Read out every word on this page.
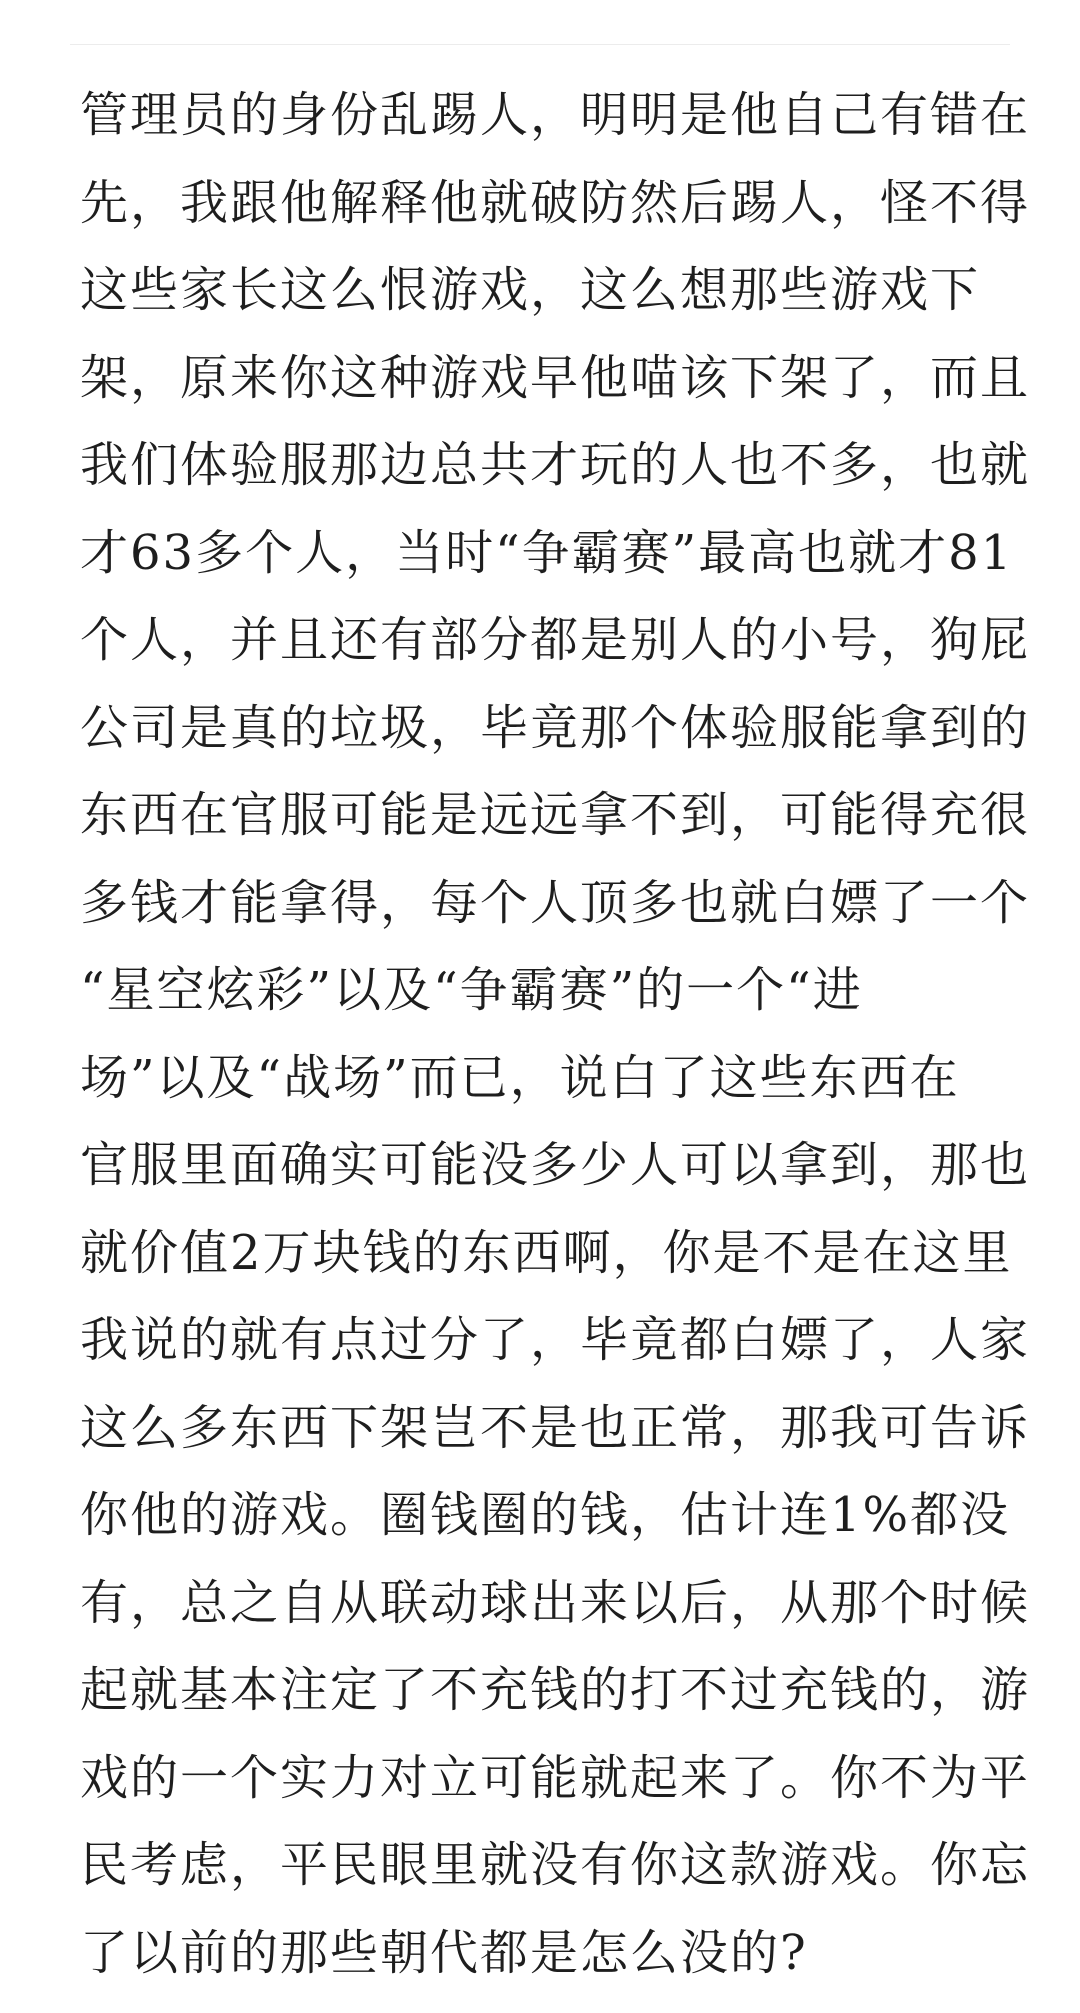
管理员的身份乱踢人，明明是他自己有错在
先，我跟他解释他就破防然后踢人，怪不得
这些家长这么恨游戏，这么想那些游戏下
架，原来你这种游戏早他喵该下架了，而且
我们体验服那边总共才玩的人也不多，也就
才63多个人，当时“争霸赛”最高也就才81
个人，并且还有部分都是别人的小号，狗屁
公司是真的垃圾，毕竟那个体验服能拿到的
东西在官服可能是远远拿不到，可能得充很
多钱才能拿得，每个人顶多也就白嫖了一个
“星空炫彩”以及“争霸赛”的一个“进
场”以及“战场”而已，说白了这些东西在
官服里面确实可能没多少人可以拿到，那也
就价值2万块钱的东西啊，你是不是在这里
我说的就有点过分了，毕竟都白嫖了，人家
这么多东西下架岂不是也正常，那我可告诉
你他的游戏。圈钱圈的钱，估计连1%都没
有，总之自从联动球出来以后，从那个时候
起就基本注定了不充钱的打不过充钱的，游
戏的一个实力对立可能就起来了。你不为平
民考虑，平民眼里就没有你这款游戏。你忘
了以前的那些朝代都是怎么没的?
